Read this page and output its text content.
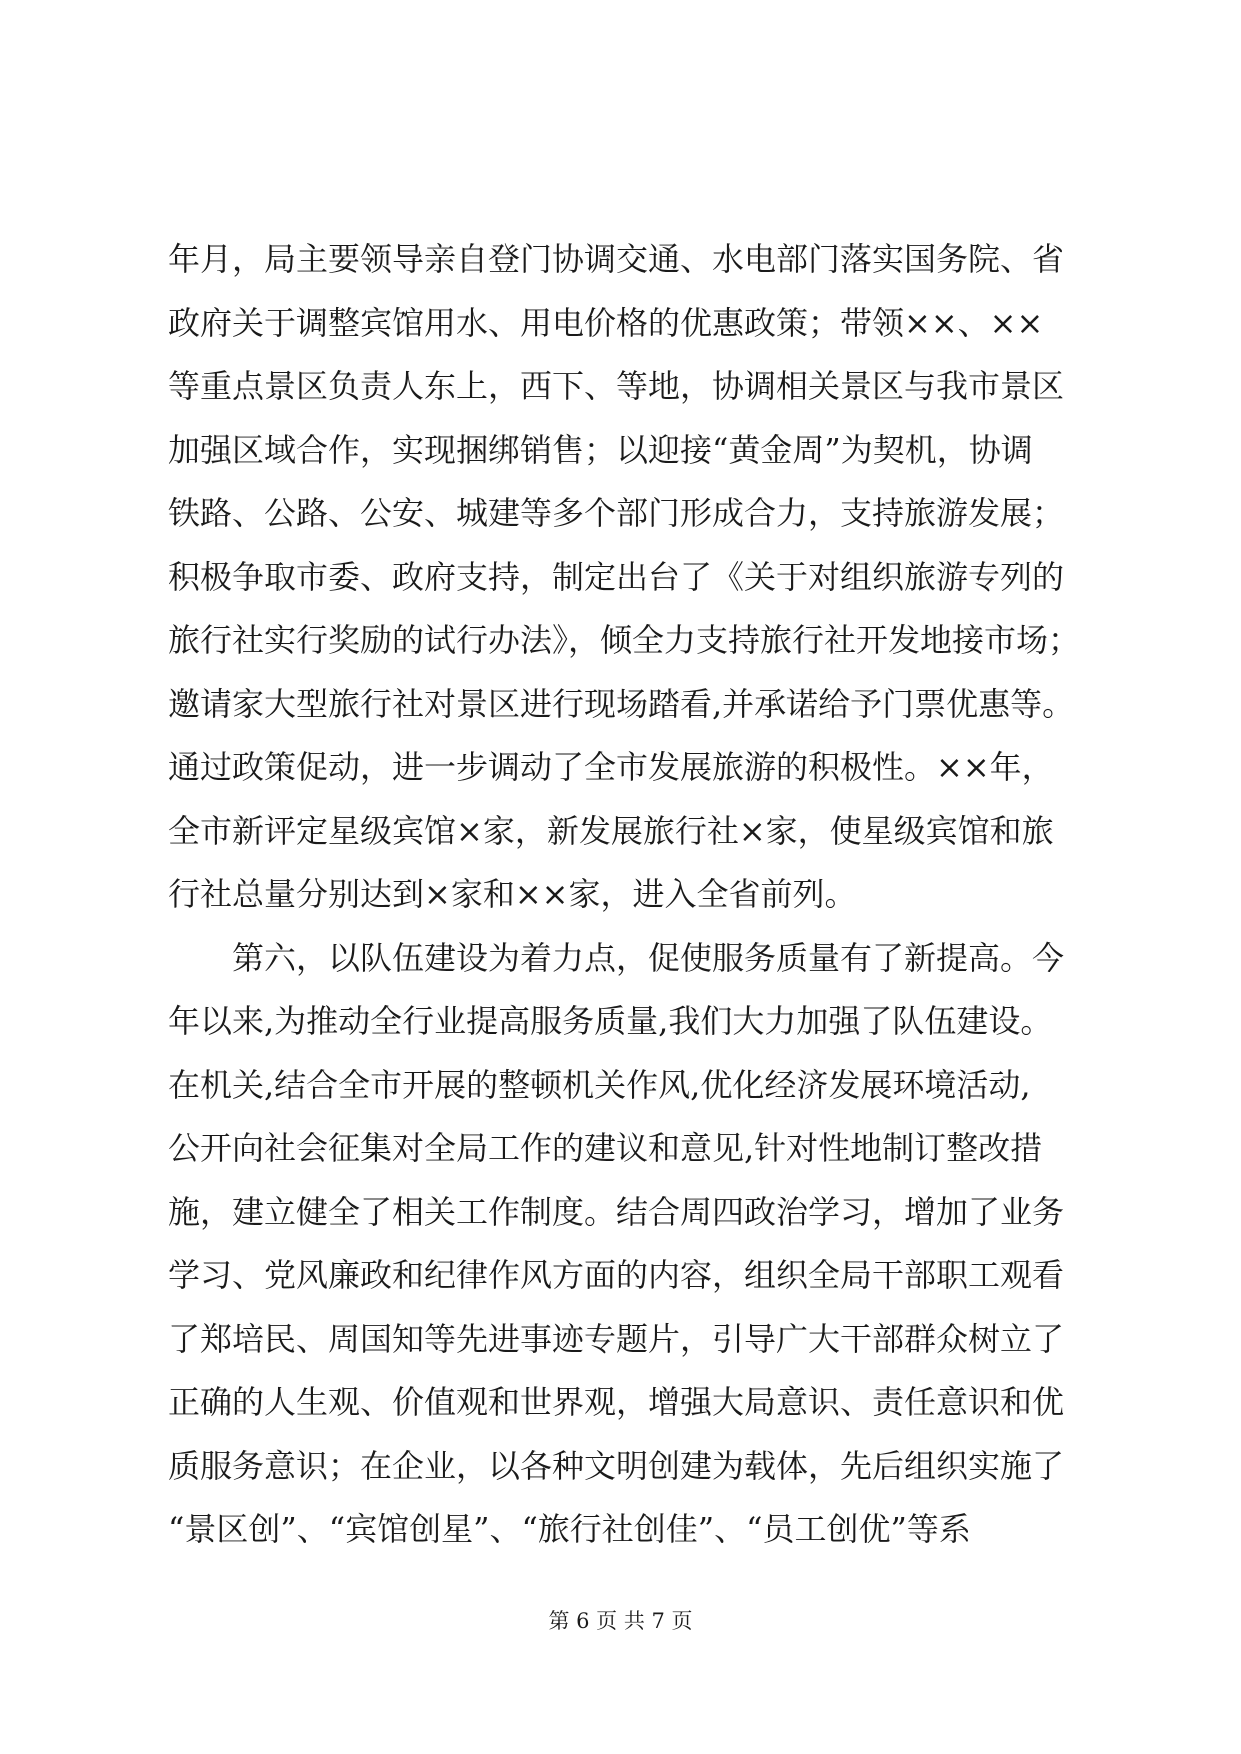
年月，局主要领导亲自登门协调交通、水电部门落实国务院、省
政府关于调整宾馆用水、用电价格的优惠政策；带领××、××
等重点景区负责人东上，西下、等地，协调相关景区与我市景区
加强区域合作，实现捆绑销售；以迎接“黄金周”为契机，协调
铁路、公路、公安、城建等多个部门形成合力，支持旅游发展；
积极争取市委、政府支持，制定出台了《关于对组织旅游专列的
旅行社实行奖励的试行办法》，倾全力支持旅行社开发地接市场；
邀请家大型旅行社对景区进行现场踏看,并承诺给予门票优惠等。
通过政策促动，进一步调动了全市发展旅游的积极性。××年，
全市新评定星级宾馆×家，新发展旅行社×家，使星级宾馆和旅
行社总量分别达到×家和××家，进入全省前列。
第六，以队伍建设为着力点，促使服务质量有了新提高。今
年以来,为推动全行业提高服务质量,我们大力加强了队伍建设。
在机关,结合全市开展的整顿机关作风,优化经济发展环境活动,
公开向社会征集对全局工作的建议和意见,针对性地制订整改措
施，建立健全了相关工作制度。结合周四政治学习，增加了业务
学习、党风廉政和纪律作风方面的内容，组织全局干部职工观看
了郑培民、周国知等先进事迹专题片，引导广大干部群众树立了
正确的人生观、价值观和世界观，增强大局意识、责任意识和优
质服务意识；在企业，以各种文明创建为载体，先后组织实施了
“景区创”、“宾馆创星”、“旅行社创佳”、“员工创优”等系
第 6 页 共 7 页
